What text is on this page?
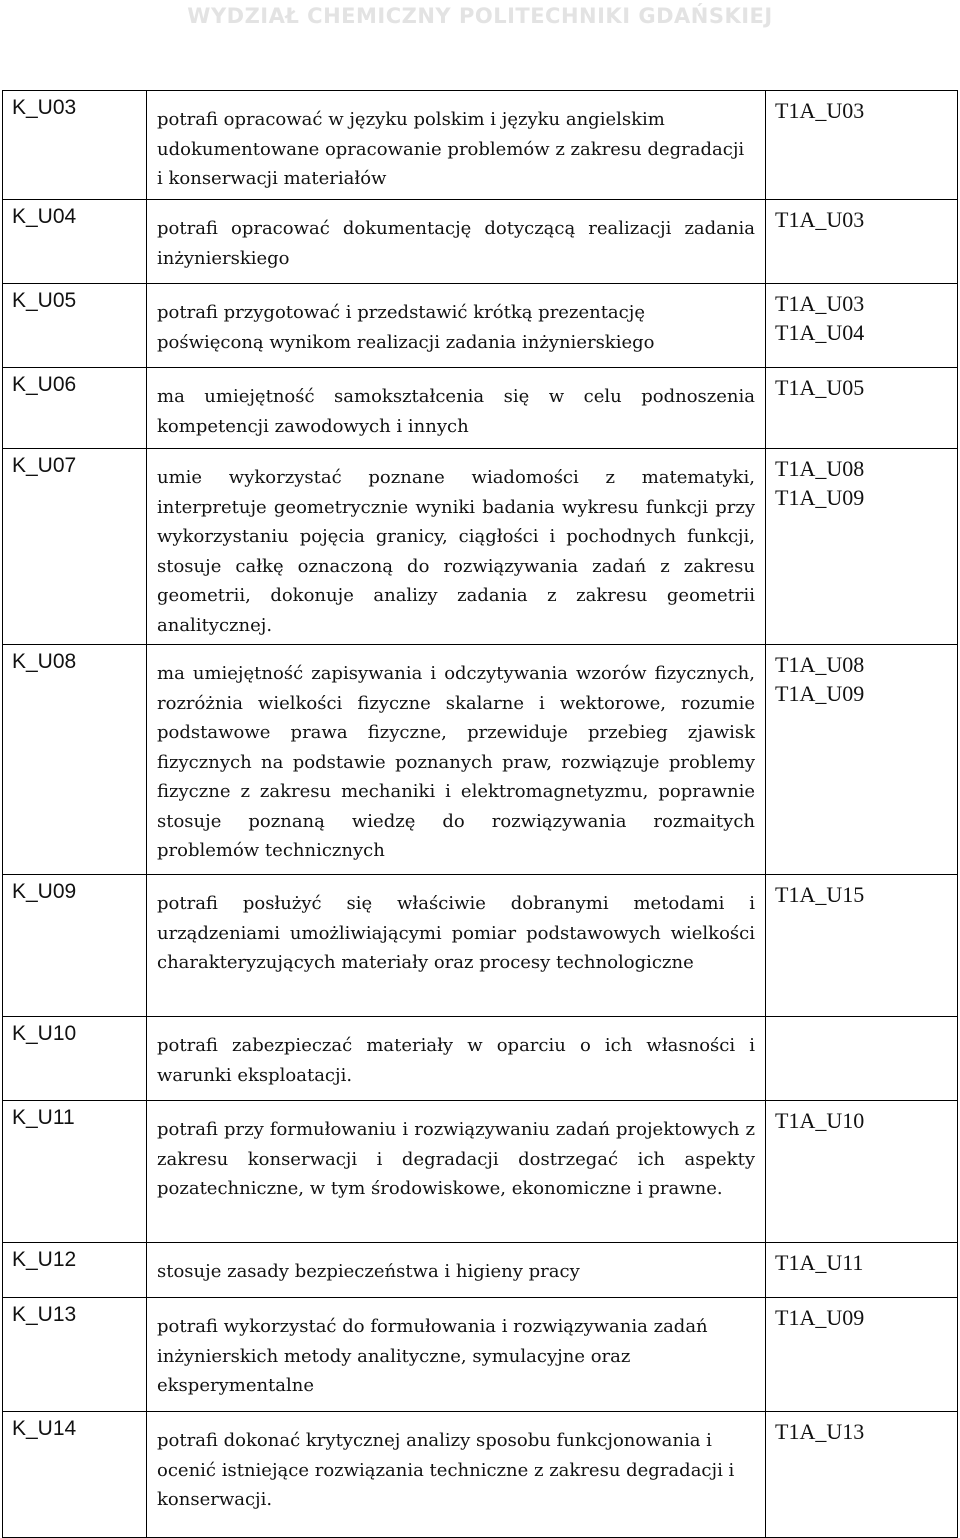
WYDZIAŁ CHEMICZNY POLITECHNIKI GDAŃSKIEJ
K_U03	potrafi opracować w języku polskim i języku angielskim udokumentowane opracowanie problemów z zakresu degradacji i konserwacji materiałów	T1A_U03

K_U04	potrafi opracować dokumentację dotyczącą realizacji zadania inżynierskiego	T1A_U03

K_U05	potrafi przygotować i przedstawić krótką prezentację poświęconą wynikom realizacji zadania inżynierskiego	T1A_U03
T1A_U04

K_U06	ma umiejętność samokształcenia się w celu podnoszenia kompetencji zawodowych i innych	T1A_U05

K_U07	umie wykorzystać poznane wiadomości z matematyki, interpretuje geometrycznie wyniki badania wykresu funkcji przy wykorzystaniu pojęcia granicy, ciągłości i pochodnych funkcji, stosuje całkę oznaczoną do rozwiązywania zadań z zakresu geometrii, dokonuje analizy zadania z zakresu geometrii analitycznej.	T1A_U08
T1A_U09

K_U08	ma umiejętność zapisywania i odczytywania wzorów fizycznych, rozróżnia wielkości fizyczne skalarne i wektorowe, rozumie podstawowe prawa fizyczne, przewiduje przebieg zjawisk fizycznych na podstawie poznanych praw, rozwiązuje problemy fizyczne z zakresu mechaniki i elektromagnetyzmu, poprawnie stosuje poznaną wiedzę do rozwiązywania rozmaitych problemów technicznych	T1A_U08
T1A_U09

K_U09	potrafi posłużyć się właściwie dobranymi metodami i urządzeniami umożliwiającymi pomiar podstawowych wielkości charakteryzujących materiały oraz procesy technologiczne	T1A_U15

K_U10	potrafi zabezpieczać materiały w oparciu o ich własności i warunki eksploatacji.	
K_U11	potrafi przy formułowaniu i rozwiązywaniu zadań projektowych z zakresu konserwacji i degradacji dostrzegać ich aspekty pozatechniczne, w tym środowiskowe, ekonomiczne i prawne.	T1A_U10

K_U12	stosuje zasady bezpieczeństwa i higieny pracy	T1A_U11

K_U13	potrafi wykorzystać do formułowania i rozwiązywania zadań inżynierskich metody analityczne, symulacyjne oraz eksperymentalne	T1A_U09

K_U14	potrafi dokonać krytycznej analizy sposobu funkcjonowania i ocenić istniejące rozwiązania techniczne z zakresu degradacji i konserwacji.	T1A_U13
